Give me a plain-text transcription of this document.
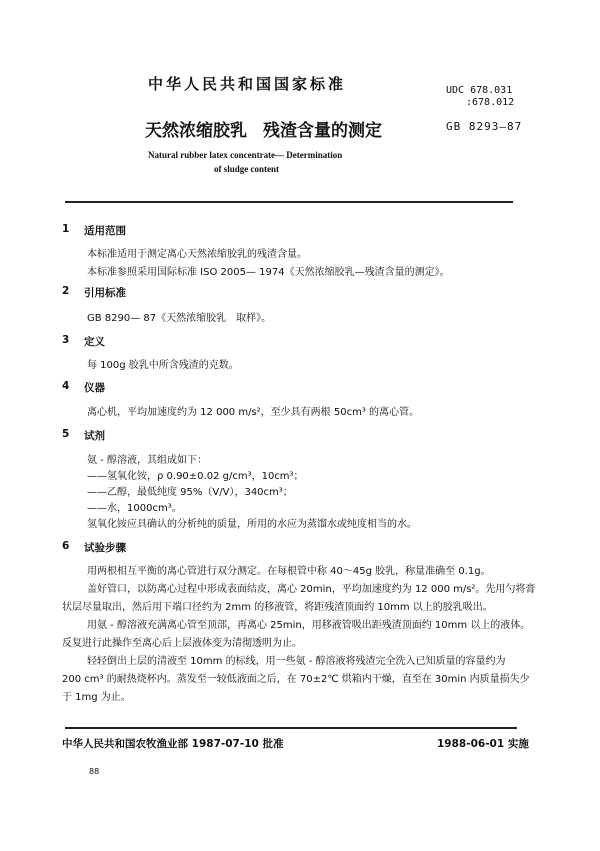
中华人民共和国国家标准	UDC 678.031
:678.012
天然浓缩胶乳 残渣含量的测定	GB 8293—87
Natural rubber latex concentrate— Determination
of sludge content
1 适用范围
本标准适用于测定离心天然浓缩胶乳的残渣含量。
本标准参照采用国际标准 ISO 2005— 1974《天然浓缩胶乳—残渣含量的测定》。
2 引用标准
GB 8290— 87《天然浓缩胶乳　取样》。
3 定义
每 100g 胶乳中所含残渣的克数。
4 仪器
离心机，平均加速度约为 12 000 m/s²，至少具有两根 50cm³ 的离心管。
5 试剂
氨 - 醇溶液，其组成如下：
——氢氧化铵，ρ 0.90±0.02 g/cm³，10cm³；
——乙醇，最低纯度 95%（V/V），340cm³；
——水，1000cm³。
氢氧化铵应具确认的分析纯的质量，所用的水应为蒸馏水或纯度相当的水。
6 试验步骤
用两根相互平衡的离心管进行双分测定。在每根管中称 40～45g 胶乳，称量准确至 0.1g。
盖好管口，以防离心过程中形成表面结皮，离心 20min，平均加速度约为 12 000 m/s²。先用勺将膏
状层尽量取出，然后用下端口径约为 2mm 的移液管，将距残渣顶面约 10mm 以上的胶乳吸出。
用氨 - 醇溶液充满离心管至顶部，再离心 25min，用移液管吸出距残渣顶面约 10mm 以上的液体。
反复进行此操作至离心后上层液体变为清彻透明为止。
轻轻倒出上层的清液至 10mm 的标线，用一些氨 - 醇溶液将残渣完全洗入已知质量的容量约为
200 cm³ 的耐热烧杯内。蒸发至一较低液面之后，在 70±2℃ 烘箱内干燥，直至在 30min 内质量损失少
于 1mg 为止。
中华人民共和国农牧渔业部 1987-07-10 批准	1988-06-01 实施
88
